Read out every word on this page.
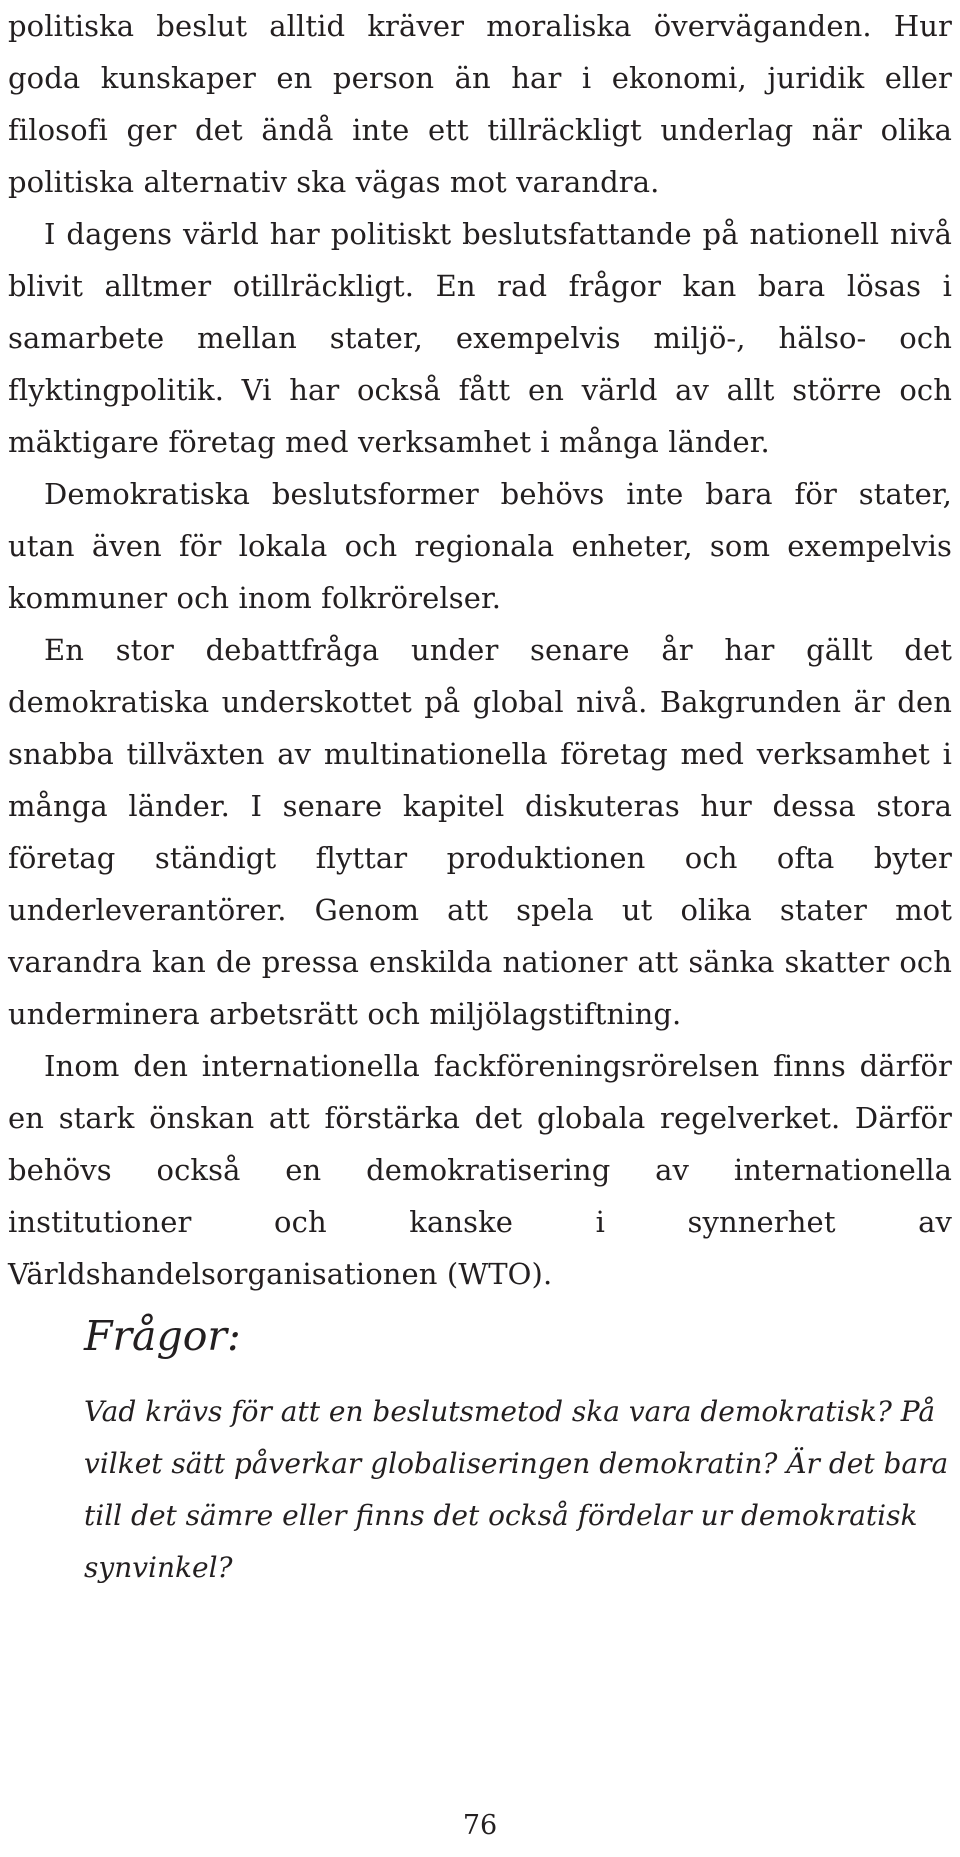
politiska beslut alltid kräver moraliska överväganden. Hur goda kunskaper en person än har i ekonomi, juridik eller filosofi ger det ändå inte ett tillräckligt underlag när olika politiska alternativ ska vägas mot varandra.

I dagens värld har politiskt beslutsfattande på nationell nivå blivit alltmer otillräckligt. En rad frågor kan bara lösas i samarbete mellan stater, exempelvis miljö-, hälso- och flyktingpolitik. Vi har också fått en värld av allt större och mäktigare företag med verksamhet i många länder.

Demokratiska beslutsformer behövs inte bara för stater, utan även för lokala och regionala enheter, som exempelvis kommuner och inom folkrörelser.

En stor debattfråga under senare år har gällt det demokratiska underskottet på global nivå. Bakgrunden är den snabba tillväxten av multinationella företag med verksamhet i många länder. I senare kapitel diskuteras hur dessa stora företag ständigt flyttar produktionen och ofta byter underleverantörer. Genom att spela ut olika stater mot varandra kan de pressa enskilda nationer att sänka skatter och underminera arbetsrätt och miljölagstiftning.

Inom den internationella fackföreningsrörelsen finns därför en stark önskan att förstärka det globala regelverket. Därför behövs också en demokratisering av internationella institutioner och kanske i synnerhet av Världshandelsorganisationen (WTO).

Frågor:

Vad krävs för att en beslutsmetod ska vara demokratisk? På vilket sätt påverkar globaliseringen demokratin? Är det bara till det sämre eller finns det också fördelar ur demokratisk synvinkel?

76
